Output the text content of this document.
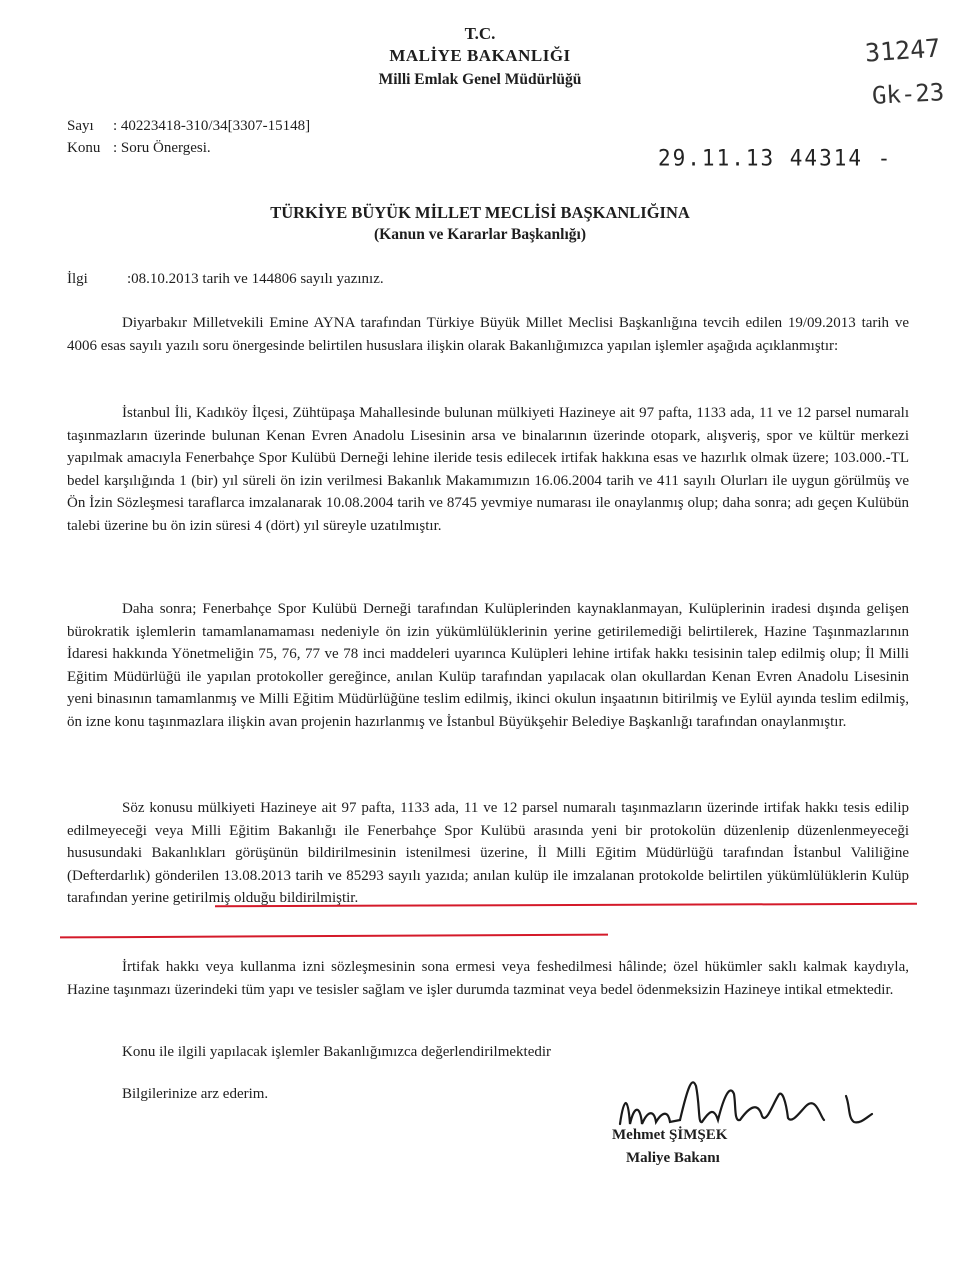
T.C.
MALİYE BAKANLIĞI
Milli Emlak Genel Müdürlüğü
31247
Gk-23
Sayı : 40223418-310/34[3307-15148]
Konu : Soru Önergesi.	29.11.13 44314 -
TÜRKİYE BÜYÜK MİLLET MECLİSİ BAŞKANLIĞINA
(Kanun ve Kararlar Başkanlığı)
İlgi	:08.10.2013 tarih ve 144806 sayılı yazınız.
Diyarbakır Milletvekili Emine AYNA tarafından Türkiye Büyük Millet Meclisi Başkanlığına tevcih edilen 19/09.2013 tarih ve 4006 esas sayılı yazılı soru önergesinde belirtilen hususlara ilişkin olarak Bakanlığımızca yapılan işlemler aşağıda açıklanmıştır:
İstanbul İli, Kadıköy İlçesi, Zühtüpaşa Mahallesinde bulunan mülkiyeti Hazineye ait 97 pafta, 1133 ada, 11 ve 12 parsel numaralı taşınmazların üzerinde bulunan Kenan Evren Anadolu Lisesinin arsa ve binalarının üzerinde otopark, alışveriş, spor ve kültür merkezi yapılmak amacıyla Fenerbahçe Spor Kulübü Derneği lehine ileride tesis edilecek irtifak hakkına esas ve hazırlık olmak üzere; 103.000.-TL bedel karşılığında 1 (bir) yıl süreli ön izin verilmesi Bakanlık Makamımızın 16.06.2004 tarih ve 411 sayılı Olurları ile uygun görülmüş ve Ön İzin Sözleşmesi taraflarca imzalanarak 10.08.2004 tarih ve 8745 yevmiye numarası ile onaylanmış olup; daha sonra; adı geçen Kulübün talebi üzerine bu ön izin süresi 4 (dört) yıl süreyle uzatılmıştır.
Daha sonra; Fenerbahçe Spor Kulübü Derneği tarafından Kulüplerinden kaynaklanmayan, Kulüplerinin iradesi dışında gelişen bürokratik işlemlerin tamamlanamaması nedeniyle ön izin yükümlülüklerinin yerine getirilemediği belirtilerek, Hazine Taşınmazlarının İdaresi hakkında Yönetmeliğin 75, 76, 77 ve 78 inci maddeleri uyarınca Kulüpleri lehine irtifak hakkı tesisinin talep edilmiş olup; İl Milli Eğitim Müdürlüğü ile yapılan protokoller gereğince, anılan Kulüp tarafından yapılacak olan okullardan Kenan Evren Anadolu Lisesinin yeni binasının tamamlanmış ve Milli Eğitim Müdürlüğüne teslim edilmiş, ikinci okulun inşaatının bitirilmiş ve Eylül ayında teslim edilmiş, ön izne konu taşınmazlara ilişkin avan projenin hazırlanmış ve İstanbul Büyükşehir Belediye Başkanlığı tarafından onaylanmıştır.
Söz konusu mülkiyeti Hazineye ait 97 pafta, 1133 ada, 11 ve 12 parsel numaralı taşınmazların üzerinde irtifak hakkı tesis edilip edilmeyeceği veya Milli Eğitim Bakanlığı ile Fenerbahçe Spor Kulübü arasında yeni bir protokolün düzenlenip düzenlenmeyeceği hususundaki Bakanlıkları görüşünün bildirilmesinin istenilmesi üzerine, İl Milli Eğitim Müdürlüğü tarafından İstanbul Valiliğine (Defterdarlık) gönderilen 13.08.2013 tarih ve 85293 sayılı yazıda; anılan kulüp ile imzalanan protokolde belirtilen yükümlülüklerin Kulüp tarafından yerine getirilmiş olduğu bildirilmiştir.
İrtifak hakkı veya kullanma izni sözleşmesinin sona ermesi veya feshedilmesi hâlinde; özel hükümler saklı kalmak kaydıyla, Hazine taşınmazı üzerindeki tüm yapı ve tesisler sağlam ve işler durumda tazminat veya bedel ödenmeksizin Hazineye intikal etmektedir.
Konu ile ilgili yapılacak işlemler Bakanlığımızca değerlendirilmektedir
Bilgilerinize arz ederim.
Mehmet ŞİMŞEK
Maliye Bakanı
